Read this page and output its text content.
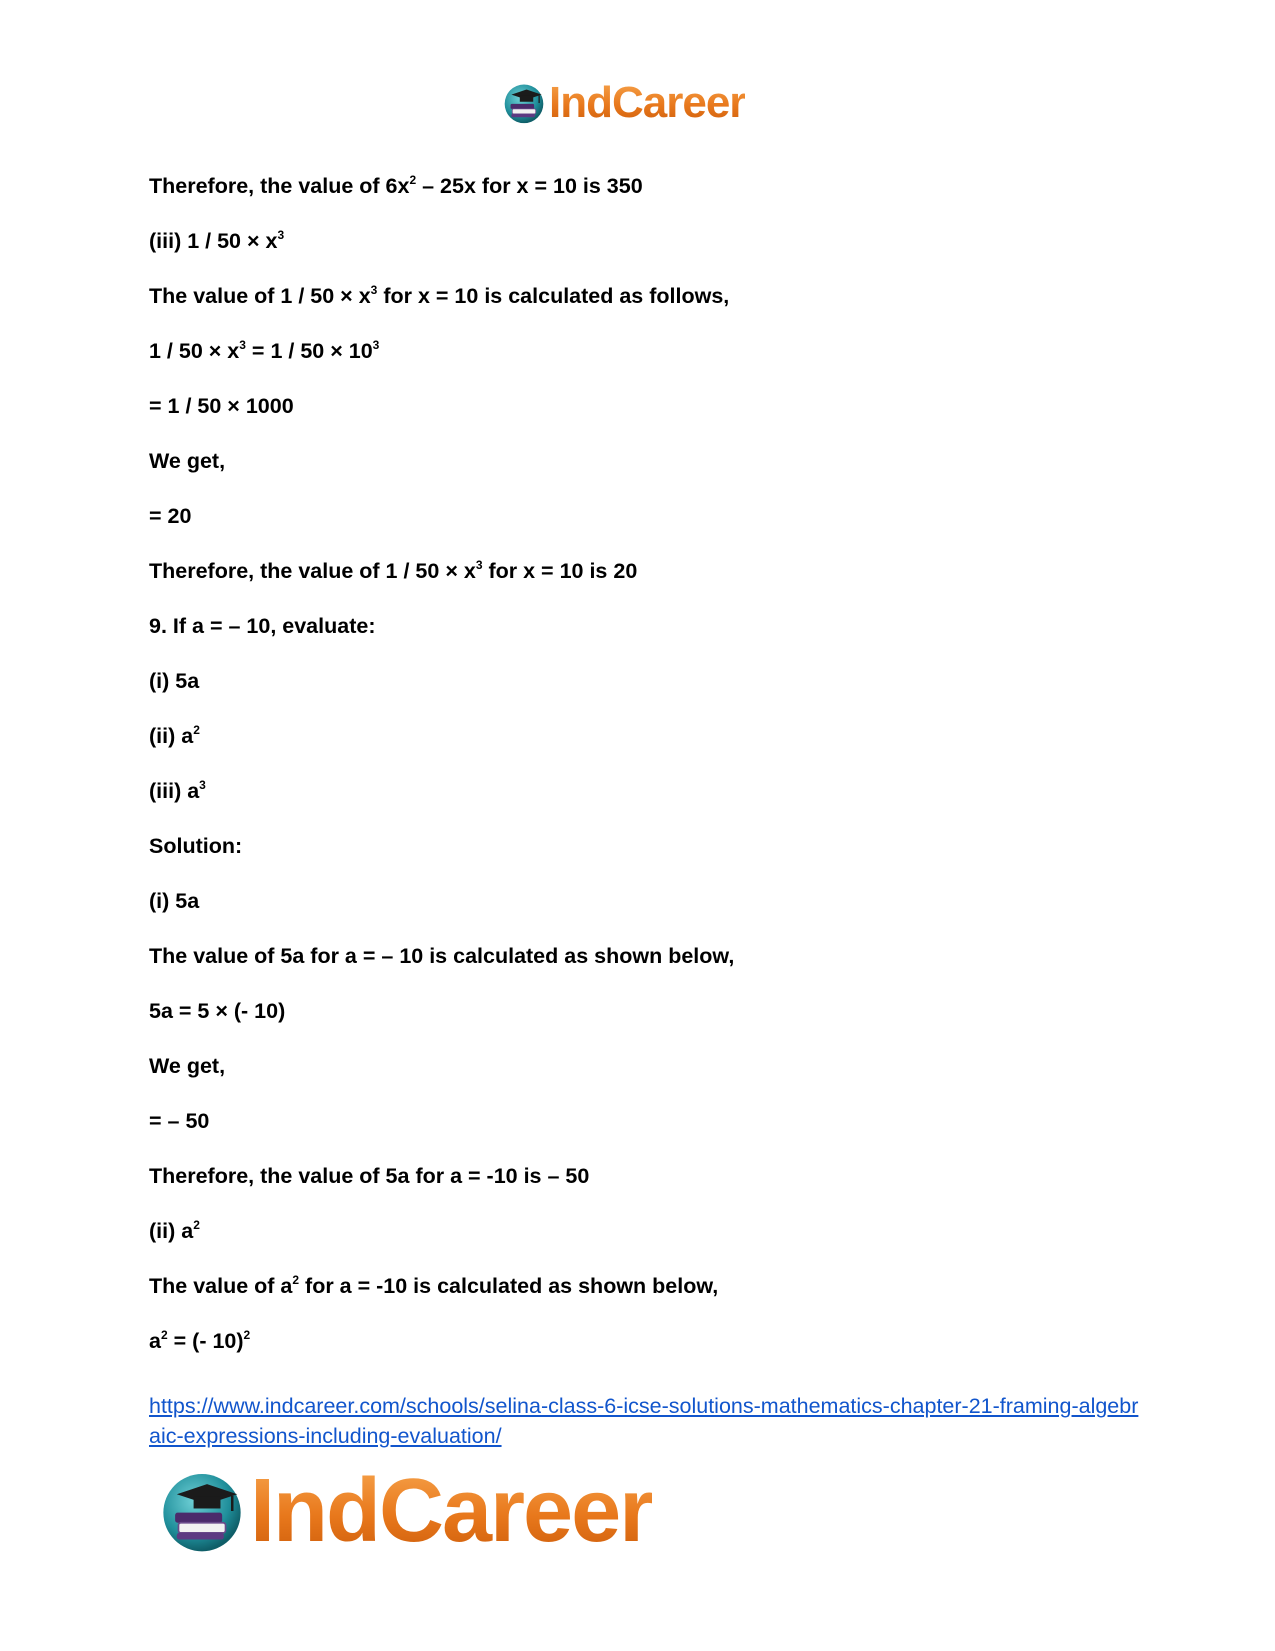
IndCareer
Therefore, the value of $6x^2 - 25x$ for x = 10 is 350
(iii) $1 / 50 \times x^3$
The value of $1 / 50 \times x^3$ for x = 10 is calculated as follows,
$1 / 50 \times x^3 = 1 / 50 \times 10^3$
= 1 / 50 × 1000
We get,
= 20
Therefore, the value of $1 / 50 \times x^3$ for x = 10 is 20
9. If a = – 10, evaluate:
(i) 5a
(ii) $a^2$
(iii) $a^3$
Solution:
(i) 5a
The value of 5a for a = – 10 is calculated as shown below,
5a = 5 × (- 10)
We get,
= – 50
Therefore, the value of 5a for a = -10 is – 50
(ii) $a^2$
The value of $a^2$ for a = -10 is calculated as shown below,
$a^2$ = (- 10)$^2$
https://www.indcareer.com/schools/selina-class-6-icse-solutions-mathematics-chapter-21-framing-algebraic-expressions-including-evaluation/
IndCareer
